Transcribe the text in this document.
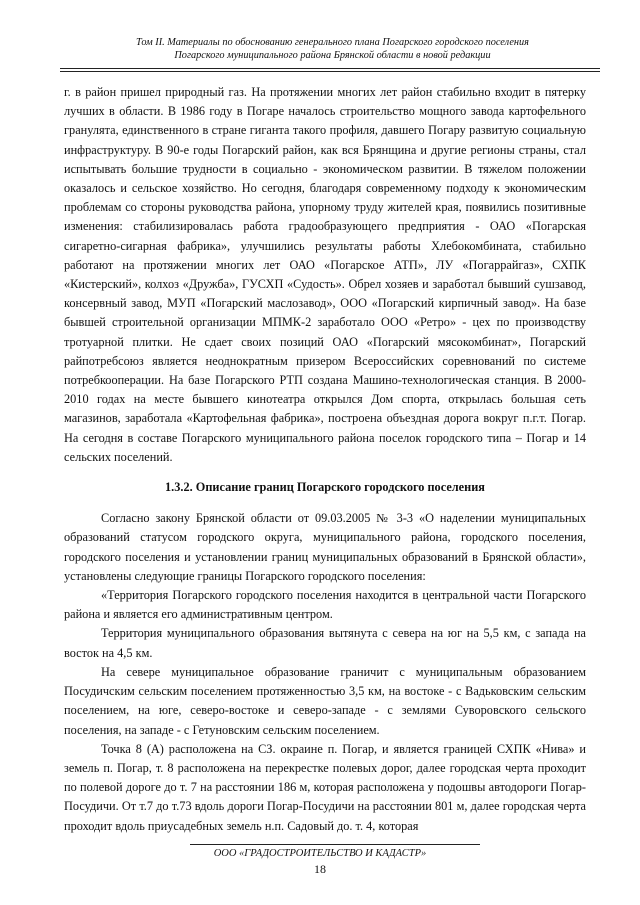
Том II. Материалы по обоснованию генерального плана Погарского городского поселения
Погарского муниципального района Брянской области в новой редакции

г. в район пришел природный газ. На протяжении многих лет район стабильно входит в пятерку лучших в области. В 1986 году в Погаре началось строительство мощного завода картофельного гранулята, единственного в стране гиганта такого профиля, давшего Погару развитую социальную инфраструктуру. В 90-е годы Погарский район, как вся Брянщина и другие регионы страны, стал испытывать большие трудности в социально - экономическом развитии. В тяжелом положении оказалось и сельское хозяйство. Но сегодня, благодаря современному подходу к экономическим проблемам со стороны руководства района, упорному труду жителей края, появились позитивные изменения: стабилизировалась работа градообразующего предприятия - ОАО «Погарская сигаретно-сигарная фабрика», улучшились результаты работы Хлебокомбината, стабильно работают на протяжении многих лет ОАО «Погарское АТП», ЛУ «Погаррайгаз», СХПК «Кистерский», колхоз «Дружба», ГУСХП «Судость». Обрел хозяев и заработал бывший сушзавод, консервный завод, МУП «Погарский маслозавод», ООО «Погарский кирпичный завод». На базе бывшей строительной организации МПМК-2 заработало ООО «Ретро» - цех по производству тротуарной плитки. Не сдает своих позиций ОАО «Погарский мясокомбинат», Погарский райпотребсоюз является неоднократным призером Всероссийских соревнований по системе потребкооперации. На базе Погарского РТП создана Машино-технологическая станция. В 2000-2010 годах на месте бывшего кинотеатра открылся Дом спорта, открылась большая сеть магазинов, заработала «Картофельная фабрика», построена объездная дорога вокруг п.г.т. Погар. На сегодня в составе Погарского муниципального района поселок городского типа – Погар и 14 сельских поселений.

1.3.2. Описание границ Погарского городского поселения

Согласно закону Брянской области от 09.03.2005 № 3-3 «О наделении муниципальных образований статусом городского округа, муниципального района, городского поселения, городского поселения и установлении границ муниципальных образований в Брянской области», установлены следующие границы Погарского городского поселения:

«Территория Погарского городского поселения находится в центральной части Погарского района и является его административным центром.

Территория муниципального образования вытянута с севера на юг на 5,5 км, с запада на восток на 4,5 км.

На севере муниципальное образование граничит с муниципальным образованием Посудичским сельским поселением протяженностью 3,5 км, на востоке - с Вадьковским сельским поселением, на юге, северо-востоке и северо-западе - с землями Суворовского сельского поселения, на западе - с Гетуновским сельским поселением.

Точка 8 (А) расположена на СЗ. окраине п. Погар, и является границей СХПК «Нива» и земель п. Погар, т. 8 расположена на перекрестке полевых дорог, далее городская черта проходит по полевой дороге до т. 7 на расстоянии 186 м, которая расположена у подошвы автодороги Погар-Посудичи. От т.7 до т.73 вдоль дороги Погар-Посудичи на расстоянии 801 м, далее городская черта проходит вдоль приусадебных земель н.п. Садовый до. т. 4, которая

ООО «ГРАДОСТРОИТЕЛЬСТВО И КАДАСТР»
18
